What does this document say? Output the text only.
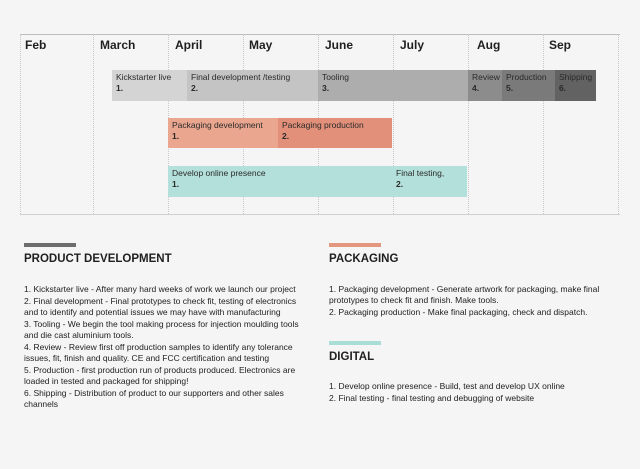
Feb	March	April	May	June	July	Aug	Sep
Kickstarter live
1.
Final development /testing
2.
Tooling
3.
Review
4.
Production
5.
Shipping
6.
Packaging development
1.
Packaging production
2.
Develop online presence
1.
Final testing,
2.
PRODUCT DEVELOPMENT
1. Kickstarter live - After many hard weeks of work we launch our project
2. Final development - Final prototypes to check fit, testing of electronics and to identify and potential issues we may have with manufacturing
3. Tooling - We begin the tool making process for injection moulding tools and die cast aluminium tools.
4. Review - Review first off production samples to identify any tolerance issues, fit, finish and quality. CE and FCC certification and testing
5. Production - first production run of products produced. Electronics are loaded in tested and packaged for shipping!
6. Shipping - Distribution of product to our supporters and other sales channels
PACKAGING
1. Packaging development - Generate artwork for packaging, make final prototypes to check fit and finish. Make tools.
2. Packaging production - Make final packaging, check and dispatch.
DIGITAL
1. Develop online presence - Build, test and develop UX online
2. Final testing - final testing and debugging of website
